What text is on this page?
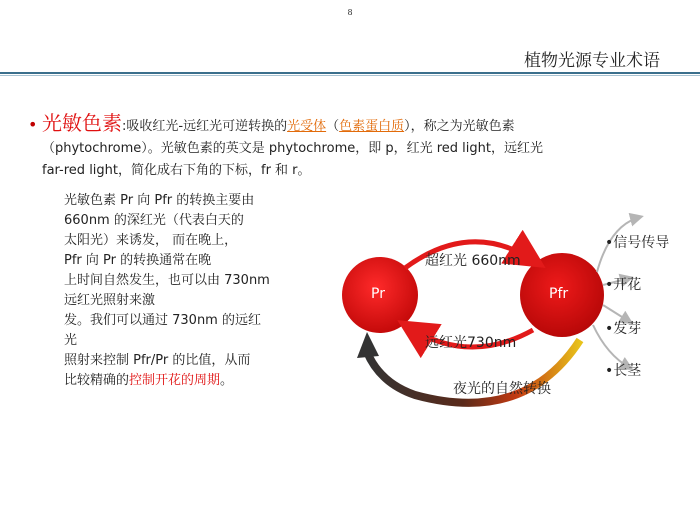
8
植物光源专业术语
• 光敏色素:吸收红光-远红光可逆转换的光受体（色素蛋白质），称之为光敏色素
（phytochrome）。光敏色素的英文是 phytochrome，即 p，红光 red light，远红光
far-red light，简化成右下角的下标，fr 和 r。
光敏色素 Pr 向 Pfr 的转换主要由
660nm 的深红光（代表白天的
太阳光）来诱发， 而在晚上，
Pfr 向 Pr 的转换通常在晚
上时间自然发生，也可以由 730nm
远红光照射来激
发。我们可以通过 730nm 的远红
光
照射来控制 Pfr/Pr 的比值，从而
比较精确的控制开花的周期。
Pr	Pfr
超红光 660nm
远红光730nm
夜光的自然转换
•信号传导
•开花
•发芽
•长茎
